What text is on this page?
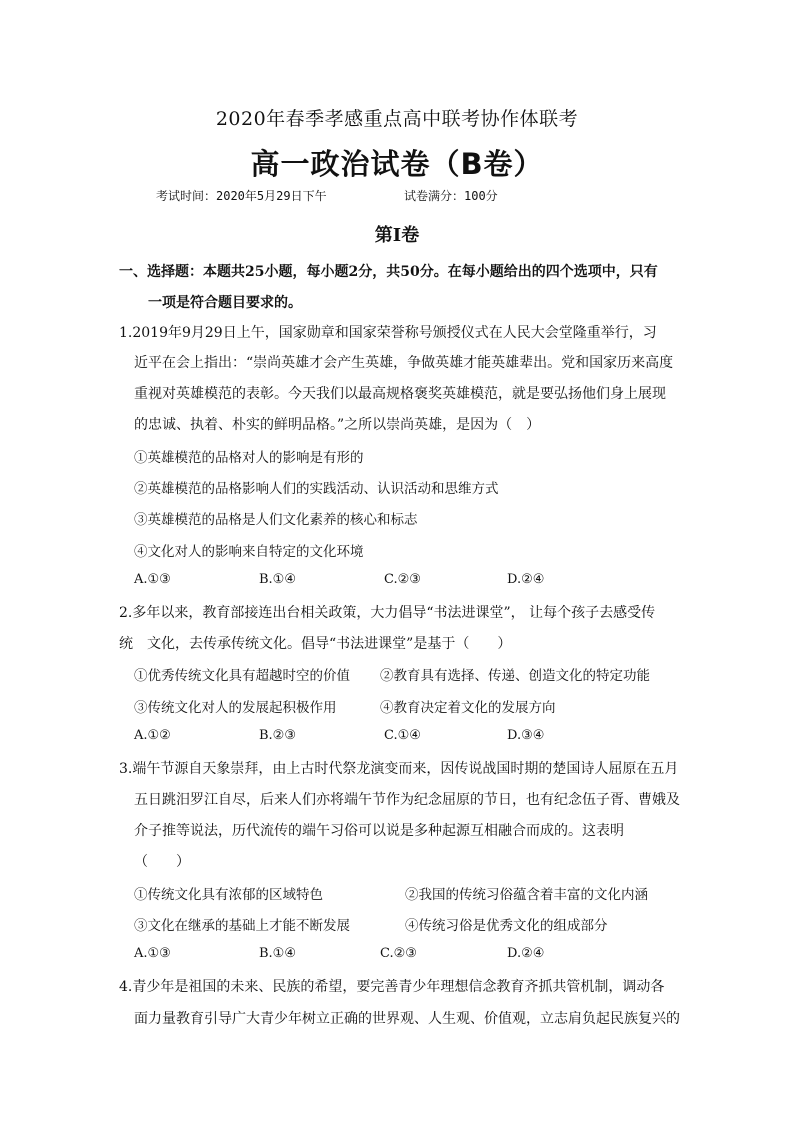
2020年春季孝感重点高中联考协作体联考
高一政治试卷（B卷）
考试时间：2020年5月29日下午	试卷满分：100分
第Ⅰ卷
一、选择题：本题共25小题，每小题2分，共50分。在每小题给出的四个选项中，只有
一项是符合题目要求的。
1.2019年9月29日上午，国家勋章和国家荣誉称号颁授仪式在人民大会堂隆重举行，习
近平在会上指出：“崇尚英雄才会产生英雄，争做英雄才能英雄辈出。党和国家历来高度
重视对英雄模范的表彰。今天我们以最高规格褒奖英雄模范，就是要弘扬他们身上展现
的忠诚、执着、朴实的鲜明品格。”之所以崇尚英雄，是因为（　）
①英雄模范的品格对人的影响是有形的
②英雄模范的品格影响人们的实践活动、认识活动和思维方式
③英雄模范的品格是人们文化素养的核心和标志
④文化对人的影响来自特定的文化环境
A.①③	B.①④	C.②③	D.②④
2.多年以来，教育部接连出台相关政策，大力倡导“书法进课堂”， 让每个孩子去感受传
统　文化，去传承传统文化。倡导“书法进课堂”是基于（　　）
①优秀传统文化具有超越时空的价值 ②教育具有选择、传递、创造文化的特定功能
③传统文化对人的发展起积极作用	④教育决定着文化的发展方向
A.①②	B.②③	C.①④	D.③④
3.端午节源自天象崇拜，由上古时代祭龙演变而来，因传说战国时期的楚国诗人屈原在五月
五日跳汨罗江自尽，后来人们亦将端午节作为纪念屈原的节日，也有纪念伍子胥、曹娥及
介子推等说法，历代流传的端午习俗可以说是多种起源互相融合而成的。这表明
（　　）
①传统文化具有浓郁的区域特色	②我国的传统习俗蕴含着丰富的文化内涵
③文化在继承的基础上才能不断发展	④传统习俗是优秀文化的组成部分
A.①③	B.①④	C.②③	D.②④
4.青少年是祖国的未来、民族的希望，要完善青少年理想信念教育齐抓共管机制，调动各
面力量教育引导广大青少年树立正确的世界观、人生观、价值观，立志肩负起民族复兴的
